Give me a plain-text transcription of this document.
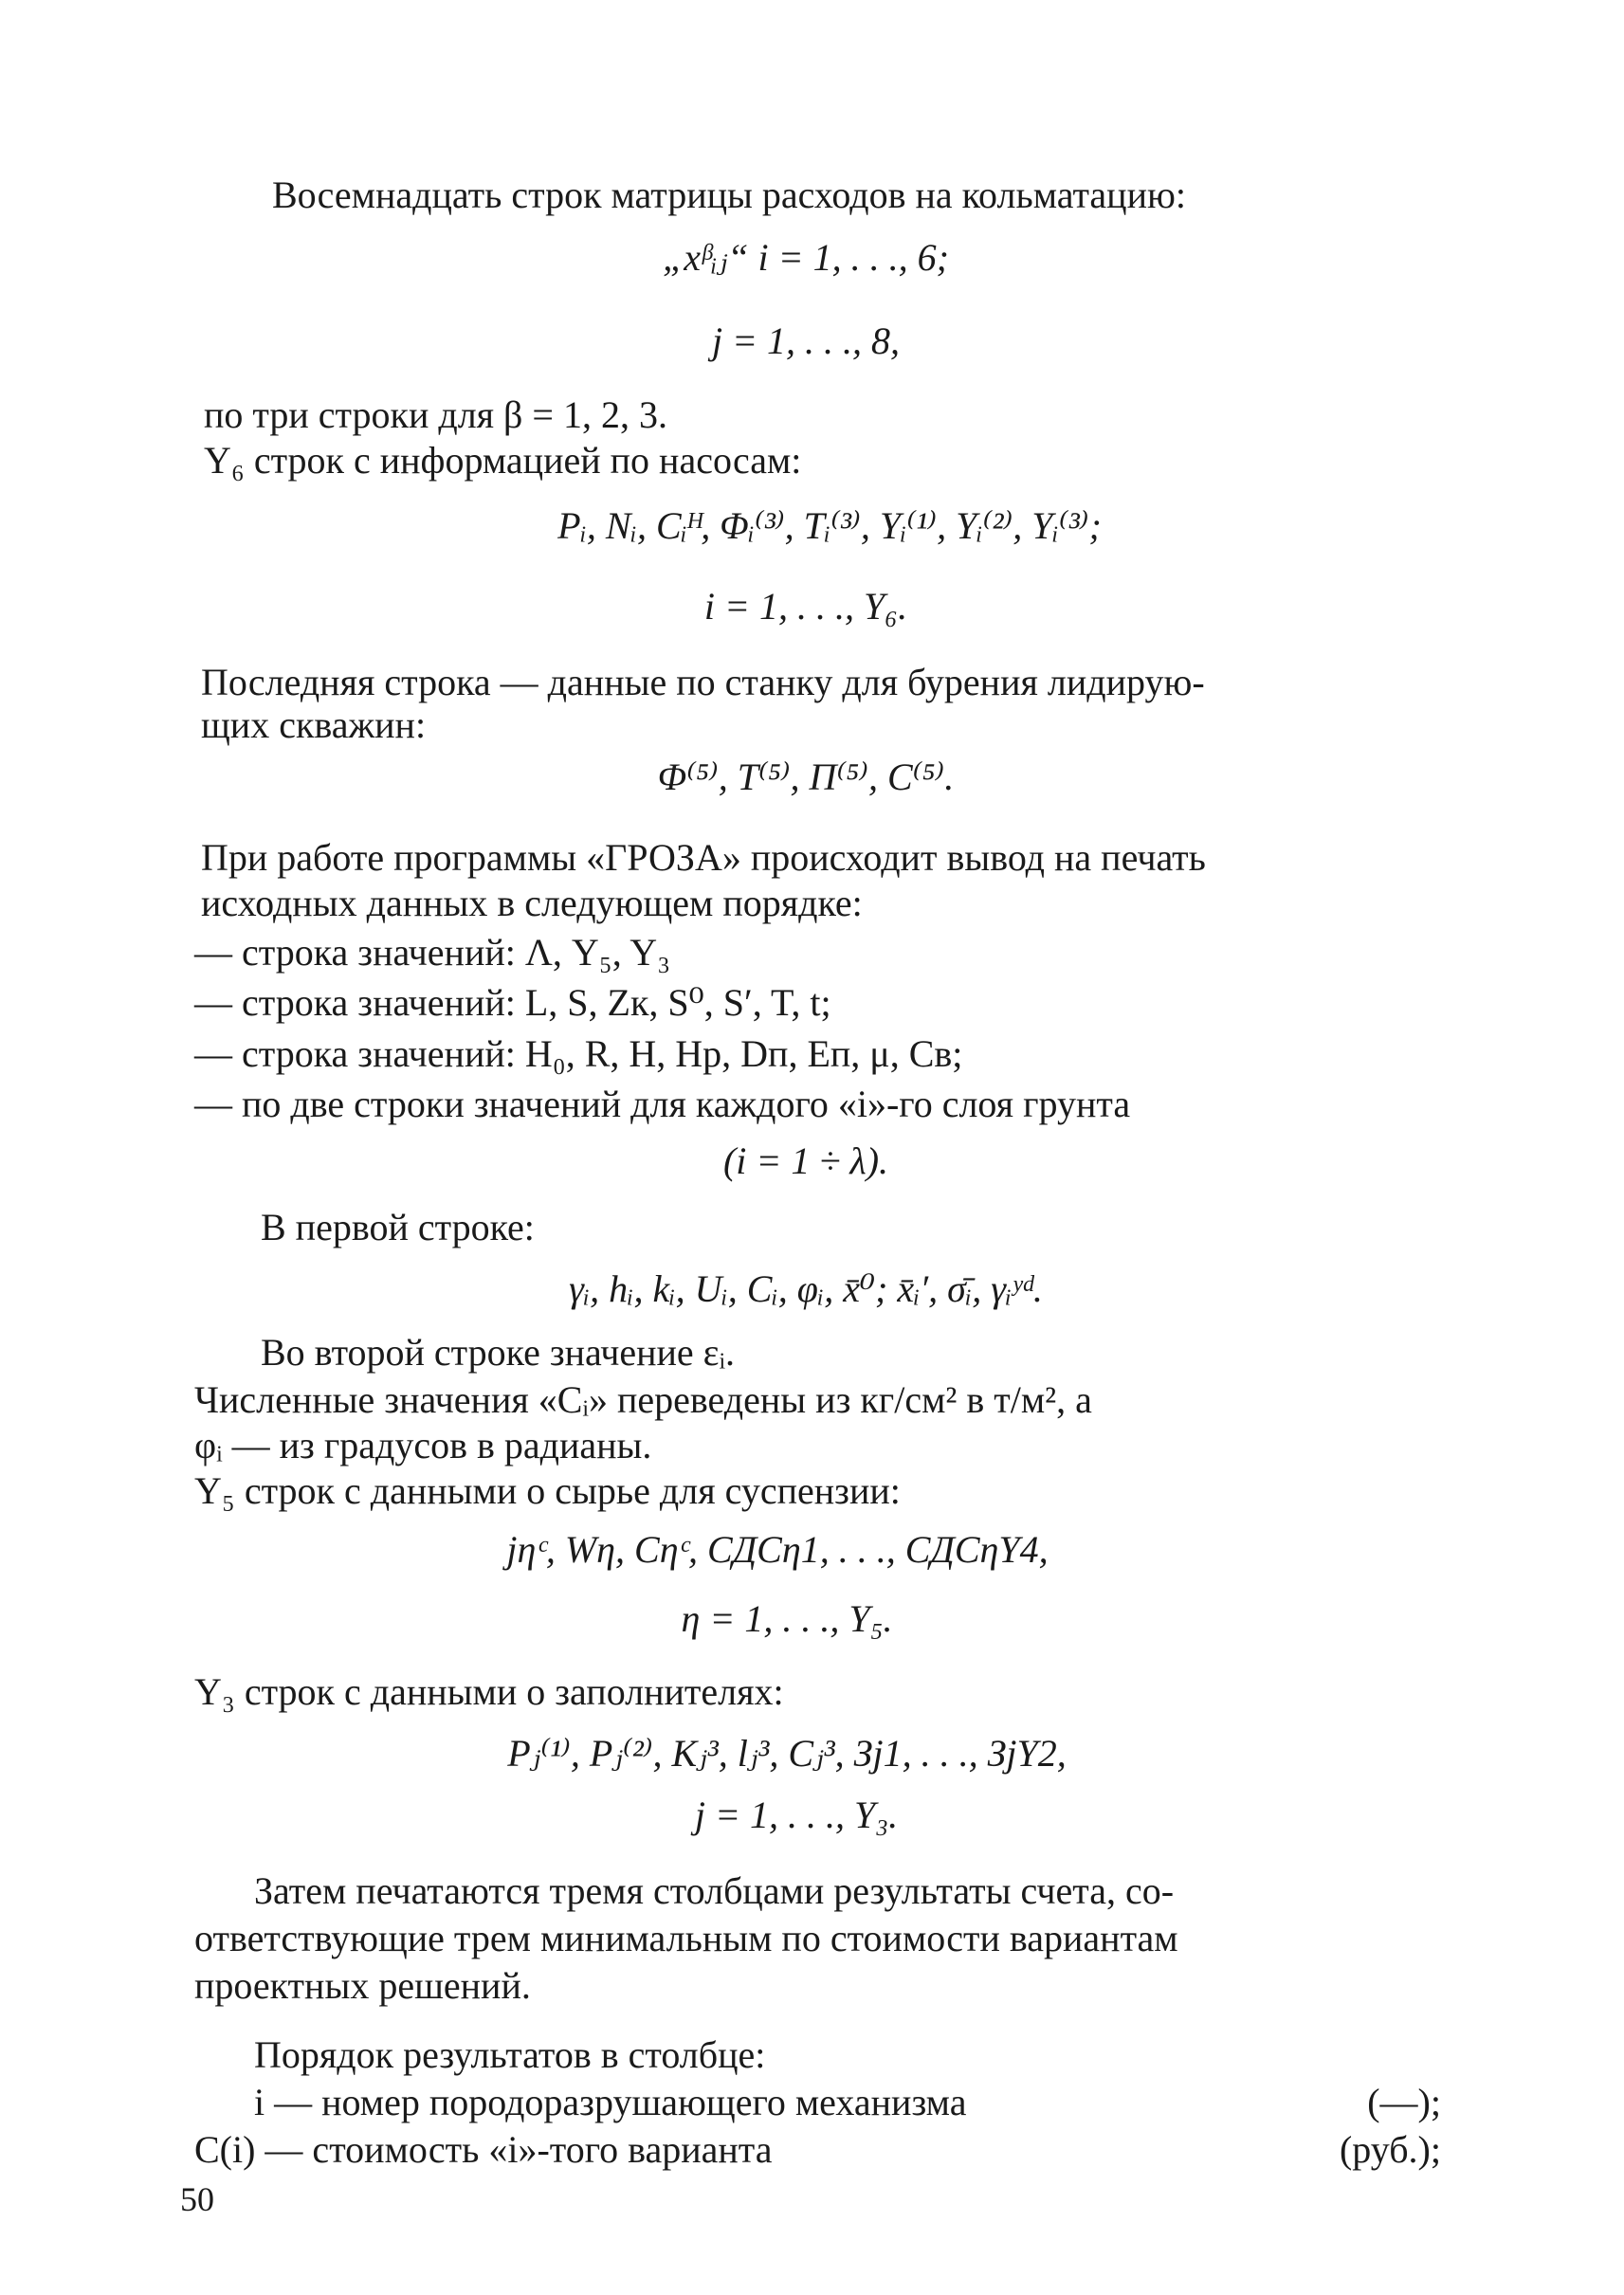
Восемнадцать строк матрицы расходов на кольматацию:
„xᵝᵢⱼ“ i = 1, . . ., 6;
j = 1, . . ., 8,
по три строки для β = 1, 2, 3.
Y₆ строк с информацией по насосам:
Pᵢ, Nᵢ, Cᵢᴴ, Φᵢ⁽³⁾, Tᵢ⁽³⁾, Yᵢ⁽¹⁾, Yᵢ⁽²⁾, Yᵢ⁽³⁾;
i = 1, . . ., Y₆.
Последняя строка — данные по станку для бурения лидирую-
щих скважин:
Φ⁽⁵⁾, T⁽⁵⁾, П⁽⁵⁾, C⁽⁵⁾.
При работе программы «ГРОЗА» происходит вывод на печать
исходных данных в следующем порядке:
— строка значений: Λ, Y₅, Y₃
— строка значений: L, S, Zк, S⁰, S′, T, t;
— строка значений: H₀, R, H, Hр, Dп, Eп, μ, Cв;
— по две строки значений для каждого «i»-го слоя грунта
(i = 1 ÷ λ).
В первой строке:
γᵢ, hᵢ, kᵢ, Uᵢ, Cᵢ, φᵢ, x̄⁰; x̄ᵢ′, σ̄ᵢ, γᵢʸᵈ.
Во второй строке значение εᵢ.
Численные значения «Cᵢ» переведены из кг/см² в т/м², а
φᵢ — из градусов в радианы.
Y₅ строк с данными о сырье для суспензии:
jηᶜ, Wη, Cηᶜ, СДСη1, . . ., СДСηY4,
η = 1, . . ., Y₅.
Y₃ строк с данными о заполнителях:
Pⱼ⁽¹⁾, Pⱼ⁽²⁾, Kⱼ³, lⱼ³, Cⱼ³, Зj1, . . ., ЗjY2,
j = 1, . . ., Y₃.
Затем печатаются тремя столбцами результаты счета, со-
ответствующие трем минимальным по стоимости вариантам
проектных решений.
Порядок результатов в столбце:
i — номер породоразрушающего механизма
C(i) — стоимость «i»-того варианта
(—);
(руб.);
50
